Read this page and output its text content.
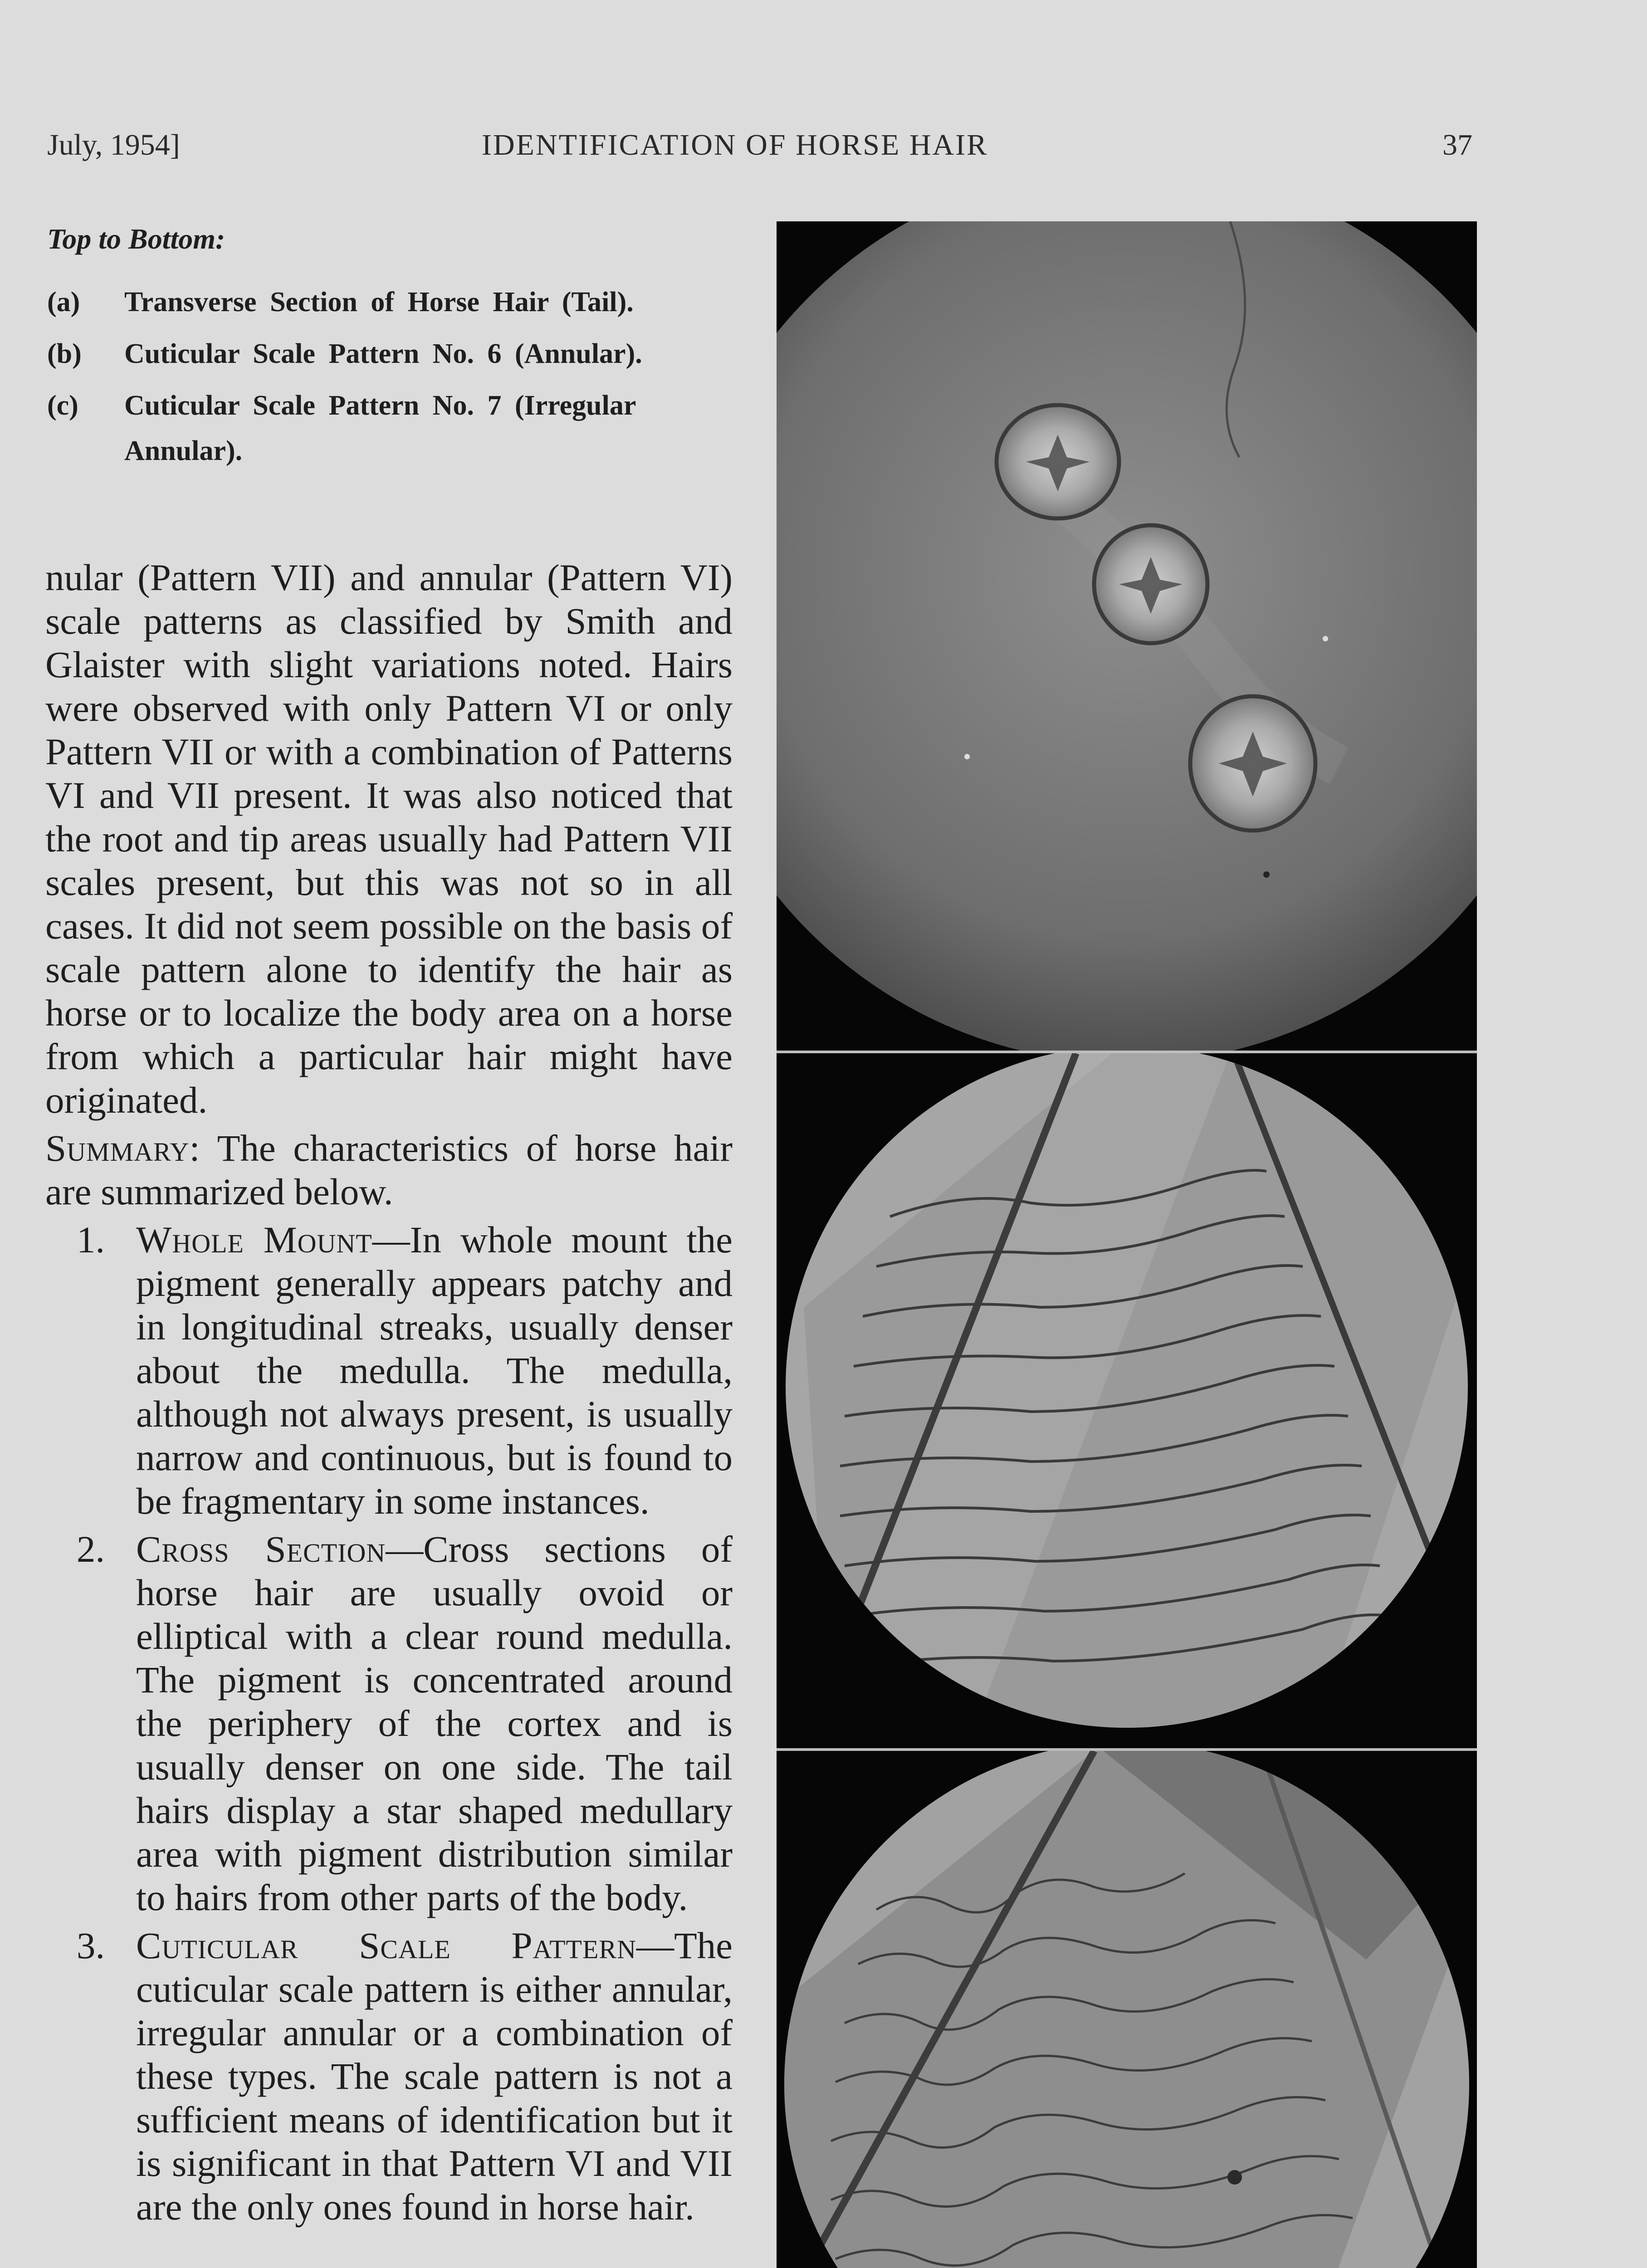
July, 1954]	IDENTIFICATION OF HORSE HAIR	37
Top to Bottom:
(a)	Transverse Section of Horse Hair (Tail).
(b)	Cuticular Scale Pattern No. 6 (Annular).
(c)	Cuticular Scale Pattern No. 7 (Irregular Annular).

nular (Pattern VII) and annular (Pattern VI) scale patterns as classified by Smith and Glaister with slight variations noted. Hairs were observed with only Pattern VI or only Pattern VII or with a combination of Patterns VI and VII present. It was also noticed that the root and tip areas usually had Pattern VII scales present, but this was not so in all cases. It did not seem possible on the basis of scale pattern alone to identify the hair as horse or to localize the body area on a horse from which a particular hair might have originated.

Summary: The characteristics of horse hair are summarized below.

1. Whole Mount—In whole mount the pigment generally appears patchy and in longitudinal streaks, usually denser about the medulla. The medulla, although not always present, is usually narrow and continuous, but is found to be fragmentary in some instances.
2. Cross Section—Cross sections of horse hair are usually ovoid or elliptical with a clear round medulla. The pigment is concentrated around the periphery of the cortex and is usually denser on one side. The tail hairs display a star shaped medullary area with pigment distribution similar to hairs from other parts of the body.
3. Cuticular Scale Pattern—The cuticular scale pattern is either annular, irregular annular or a combination of these types. The scale pattern is not a sufficient means of identification but it is significant in that Pattern VI and VII are the only ones found in horse hair.
